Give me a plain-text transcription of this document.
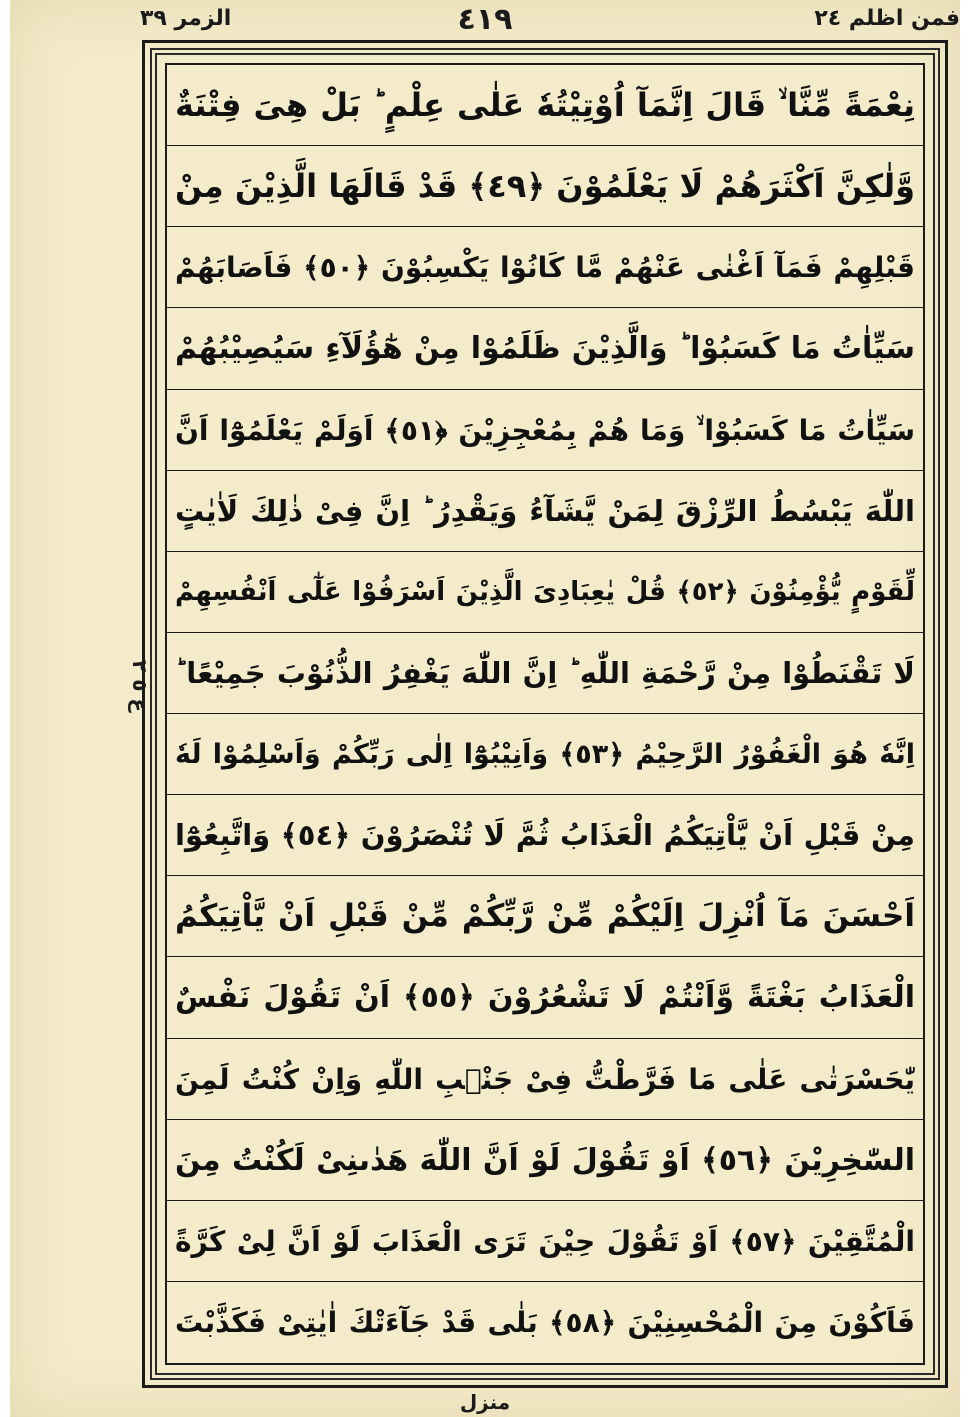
الزمر ٣٩	٤١٩	فمن اظلم ٢٤
ع ٥ ٢
نِعْمَةً مِّنَّا ۙ قَالَ اِنَّمَآ اُوْتِيْتُهٗ عَلٰى عِلْمٍ ؕ بَلْ هِىَ فِتْنَةٌ
وَّلٰكِنَّ اَكْثَرَهُمْ لَا يَعْلَمُوْنَ ﴿٤٩﴾ قَدْ قَالَهَا الَّذِيْنَ مِنْ
قَبْلِهِمْ فَمَآ اَغْنٰى عَنْهُمْ مَّا كَانُوْا يَكْسِبُوْنَ ﴿٥٠﴾ فَاَصَابَهُمْ
سَيِّاٰتُ مَا كَسَبُوْا ؕ وَالَّذِيْنَ ظَلَمُوْا مِنْ هٰٓؤُلَآءِ سَيُصِيْبُهُمْ
سَيِّاٰتُ مَا كَسَبُوْا ۙ وَمَا هُمْ بِمُعْجِزِيْنَ ﴿٥١﴾ اَوَلَمْ يَعْلَمُوْٓا اَنَّ
اللّٰهَ يَبْسُطُ الرِّزْقَ لِمَنْ يَّشَآءُ وَيَقْدِرُ ؕ اِنَّ فِىْ ذٰلِكَ لَاٰيٰتٍ
لِّقَوْمٍ يُّؤْمِنُوْنَ ﴿٥٢﴾ قُلْ يٰعِبَادِىَ الَّذِيْنَ اَسْرَفُوْا عَلٰٓى اَنْفُسِهِمْ
لَا تَقْنَطُوْا مِنْ رَّحْمَةِ اللّٰهِ ؕ اِنَّ اللّٰهَ يَغْفِرُ الذُّنُوْبَ جَمِيْعًا ؕ
اِنَّهٗ هُوَ الْغَفُوْرُ الرَّحِيْمُ ﴿٥٣﴾ وَاَنِيْبُوْٓا اِلٰى رَبِّكُمْ وَاَسْلِمُوْا لَهٗ
مِنْ قَبْلِ اَنْ يَّاْتِيَكُمُ الْعَذَابُ ثُمَّ لَا تُنْصَرُوْنَ ﴿٥٤﴾ وَاتَّبِعُوْٓا
اَحْسَنَ مَآ اُنْزِلَ اِلَيْكُمْ مِّنْ رَّبِّكُمْ مِّنْ قَبْلِ اَنْ يَّاْتِيَكُمُ
الْعَذَابُ بَغْتَةً وَّاَنْتُمْ لَا تَشْعُرُوْنَ ﴿٥٥﴾ اَنْ تَقُوْلَ نَفْسٌ
يّٰحَسْرَتٰى عَلٰى مَا فَرَّطْتُّ فِىْ جَنْۢبِ اللّٰهِ وَاِنْ كُنْتُ لَمِنَ
السّٰخِرِيْنَ ﴿٥٦﴾ اَوْ تَقُوْلَ لَوْ اَنَّ اللّٰهَ هَدٰىنِىْ لَكُنْتُ مِنَ
الْمُتَّقِيْنَ ﴿٥٧﴾ اَوْ تَقُوْلَ حِيْنَ تَرَى الْعَذَابَ لَوْ اَنَّ لِىْ كَرَّةً
فَاَكُوْنَ مِنَ الْمُحْسِنِيْنَ ﴿٥٨﴾ بَلٰى قَدْ جَآءَتْكَ اٰيٰتِىْ فَكَذَّبْتَ
منزل
